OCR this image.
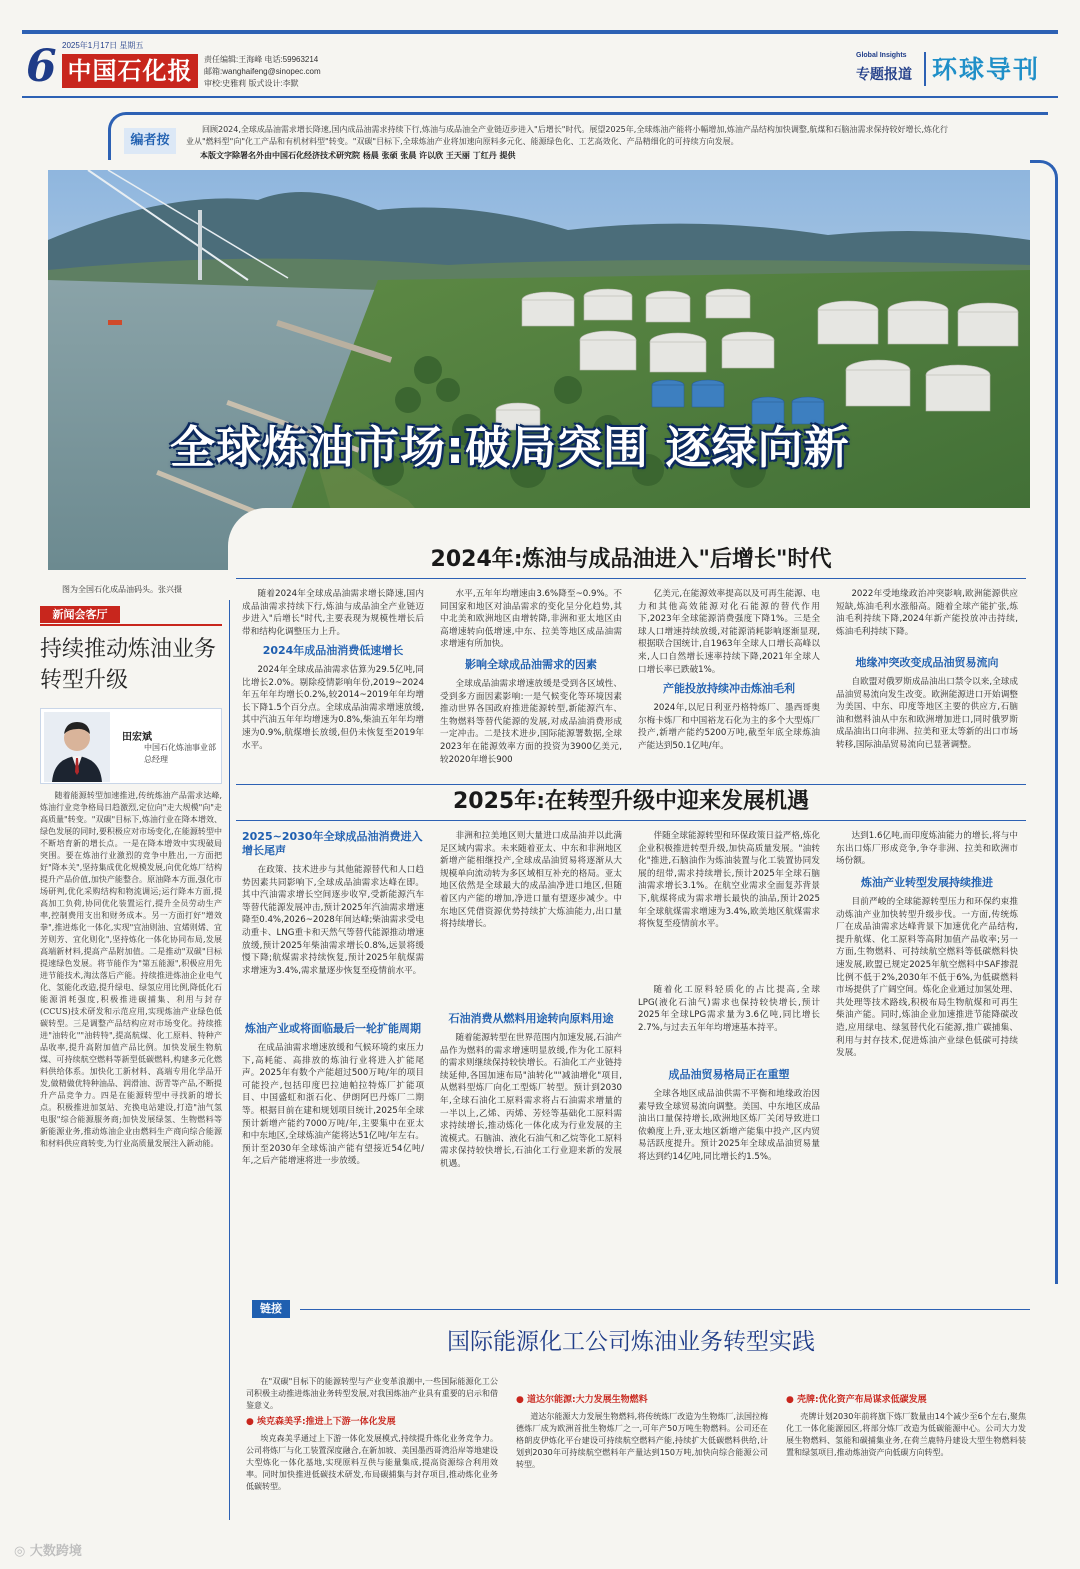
6 2025年1月17日 星期五
中国石化报	责任编辑:王海峰 电话:59963214
邮箱:wanghaifeng@sinopec.com
审校:史雅莉 版式设计:李默
Global Insights
专题报道 环球导刊
编者按
回顾2024,全球成品油需求增长降速,国内成品油需求持续下行,炼油与成品油全产业链迈步进入"后增长"时代。展望2025年,全球炼油产能将小幅增加,炼油产品结构加快调整,航煤和石脑油需求保持较好增长,炼化行业从"燃料型"向"化工产品和有机材料型"转变。"双碳"目标下,全球炼油产业将加速向原料多元化、能源绿色化、工艺高效化、产品精细化的可持续方向发展。
本版文字除署名外由中国石化经济技术研究院 杨晨 张硕 张晨 许以欣 王天丽 丁红丹 提供
全球炼油市场:破局突围 逐绿向新
图为全国石化成品油码头。张兴摄
新闻会客厅
持续推动炼油业务转型升级
田宏斌
中国石化炼油事业部总经理
随着能源转型加速推进,传统炼油产品需求达峰,炼油行业竞争格局日趋激烈,定位向"走大规模"向"走高质量"转变。"双碳"目标下,炼油行业在降本增效、绿色发展的同时,要积极应对市场变化,在能源转型中不断培育新的增长点。一是在降本增效中实现破局突围。要在炼油行业激烈的竞争中胜出,一方面把好"降本关",坚持集成优化规模发展,向优化炼厂结构提升产品价值,加快产能整合。原油降本方面,强化市场研判,优化采购结构和物流调运;运行降本方面,提高加工负荷,协同优化装置运行,提升全员劳动生产率,控制费用支出和财务成本。另一方面打好"增效拳",推进炼化一体化,实现"宜油则油、宜烯则烯、宜芳则芳、宜化则化",坚持炼化一体化协同布局,发展高端新材料,提高产品附加值。二是推动"双碳"目标提速绿色发展。将节能作为"第五能源",积极应用先进节能技术,淘汰落后产能。持续推进炼油企业电气化、氢能化改造,提升绿电、绿氢应用比例,降低化石能源消耗强度,积极推进碳捕集、利用与封存(CCUS)技术研发和示范应用,实现炼油产业绿色低碳转型。三是调整产品结构应对市场变化。持续推进"油转化""油转特",提高航煤、化工原料、特种产品收率,提升高附加值产品比例。加快发展生物航煤、可持续航空燃料等新型低碳燃料,构建多元化燃料供给体系。加快化工新材料、高端专用化学品开发,做精做优特种油品、润滑油、沥青等产品,不断提升产品竞争力。四是在能源转型中寻找新的增长点。积极推进加氢站、充换电站建设,打造"油气氢电服"综合能源服务商;加快发展绿氢、生物燃料等新能源业务,推动炼油企业由燃料生产商向综合能源和材料供应商转变,为行业高质量发展注入新动能。
2024年:炼油与成品油进入"后增长"时代
随着2024年全球成品油需求增长降速,国内成品油需求持续下行,炼油与成品油全产业链迈步进入"后增长"时代,主要表现为规模性增长后带和结构化调整压力上升。
2024年成品油消费低速增长
2024年全球成品油需求估算为29.5亿吨,同比增长2.0%。剔除疫情影响年份,2019~2024年五年年均增长0.2%,较2014~2019年年均增长下降1.5个百分点。全球成品油需求增速放缓,其中汽油五年年均增速为0.8%,柴油五年年均增速为0.9%,航煤增长放缓,但仍未恢复至2019年水平。
水平,五年年均增速由3.6%降至~0.9%。不同国家和地区对油品需求的变化呈分化趋势,其中北美和欧洲地区由增转降,非洲和亚太地区由高增速转向低增速,中东、拉美等地区成品油需求增速有所加快。
影响全球成品油需求的因素
全球成品油需求增速放缓是受到各区域性、受到多方面因素影响:一是气候变化等环境因素推动世界各国政府推进能源转型,新能源汽车、生物燃料等替代能源的发展,对成品油消费形成一定冲击。二是技术进步,国际能源署数据,全球2023年在能源效率方面的投资为3900亿美元,较2020年增长900
亿美元,在能源效率提高以及可再生能源、电力和其他高效能源对化石能源的替代作用下,2023年全球能源消费强度下降1%。三是全球人口增速持续放缓,对能源消耗影响逐渐显现,根据联合国统计,自1963年全球人口增长高峰以来,人口自然增长速率持续下降,2021年全球人口增长率已跌破1%。
产能投放持续冲击炼油毛利
2024年,以尼日利亚丹格特炼厂、墨西哥奥尔梅卡炼厂和中国裕龙石化为主的多个大型炼厂投产,新增产能约5200万吨,截至年底全球炼油产能达到50.1亿吨/年。
2022年受地缘政治冲突影响,欧洲能源供应短缺,炼油毛利水涨船高。随着全球产能扩张,炼油毛利持续下降,2024年新产能投放冲击持续,炼油毛利持续下降。
地缘冲突改变成品油贸易流向
自欧盟对俄罗斯成品油出口禁令以来,全球成品油贸易流向发生改变。欧洲能源进口开始调整为美国、中东、印度等地区主要的供应方,石脑油和燃料油从中东和欧洲增加进口,同时俄罗斯成品油出口向非洲、拉美和亚太等新的出口市场转移,国际油品贸易流向已显著调整。
2025年:在转型升级中迎来发展机遇
2025~2030年全球成品油消费进入增长尾声
在政策、技术进步与其他能源替代和人口趋势因素共同影响下,全球成品油需求达峰在即。其中汽油需求增长空间逐步收窄,受新能源汽车等替代能源发展冲击,预计2025年汽油需求增速降至0.4%,2026~2028年间达峰;柴油需求受电动重卡、LNG重卡和天然气等替代能源推动增速放缓,预计2025年柴油需求增长0.8%,远景将缓慢下降;航煤需求持续恢复,预计2025年航煤需求增速为3.4%,需求量逐步恢复至疫情前水平。
炼油产业或将面临最后一轮扩能周期
在成品油需求增速放缓和气候环境约束压力下,高耗能、高排放的炼油行业将进入扩能尾声。2025年有数个产能超过500万吨/年的项目可能投产,包括印度巴拉迪帕拉特炼厂扩能项目、中国盛虹和浙石化、伊朗阿巴丹炼厂二期等。根据目前在建和规划项目统计,2025年全球预计新增产能约7000万吨/年,主要集中在亚太和中东地区,全球炼油产能将达51亿吨/年左右。预计至2030年全球炼油产能有望接近54亿吨/年,之后产能增速将进一步放缓。
非洲和拉美地区则大量进口成品油并以此满足区域内需求。未来随着亚太、中东和非洲地区新增产能相继投产,全球成品油贸易将逐渐从大规模单向流动转为多区域相互补充的格局。亚太地区依然是全球最大的成品油净进口地区,但随着区内产能的增加,净进口量有望逐步减少。中东地区凭借资源优势持续扩大炼油能力,出口量将持续增长。
石油消费从燃料用途转向原料用途
随着能源转型在世界范围内加速发展,石油产品作为燃料的需求增速明显放缓,作为化工原料的需求则继续保持较快增长。石油化工产业链持续延伸,各国加速布局"油转化""减油增化"项目,从燃料型炼厂向化工型炼厂转型。预计到2030年,全球石油化工原料需求将占石油需求增量的一半以上,乙烯、丙烯、芳烃等基础化工原料需求持续增长,推动炼化一体化成为行业发展的主流模式。石脑油、液化石油气和乙烷等化工原料需求保持较快增长,石油化工行业迎来新的发展机遇。
伴随全球能源转型和环保政策日益严格,炼化企业积极推进转型升级,加快高质量发展。"油转化"推进,石脑油作为炼油装置与化工装置协同发展的纽带,需求持续增长,预计2025年全球石脑油需求增长3.1%。在航空业需求全面复苏背景下,航煤将成为需求增长最快的油品,预计2025年全球航煤需求增速为3.4%,欧美地区航煤需求将恢复至疫情前水平。
随着化工原料轻质化的占比提高,全球LPG(液化石油气)需求也保持较快增长,预计2025年全球LPG需求量为3.6亿吨,同比增长2.7%,与过去五年年均增速基本持平。
成品油贸易格局正在重塑
全球各地区成品油供需不平衡和地缘政治因素导致全球贸易流向调整。美国、中东地区成品油出口量保持增长,欧洲地区炼厂关闭导致进口依赖度上升,亚太地区新增产能集中投产,区内贸易活跃度提升。预计2025年全球成品油贸易量将达到约14亿吨,同比增长约1.5%。
达到1.6亿吨,而印度炼油能力的增长,将与中东出口炼厂形成竞争,争夺非洲、拉美和欧洲市场份额。
炼油产业转型发展持续推进
目前严峻的全球能源转型压力和环保约束推动炼油产业加快转型升级步伐。一方面,传统炼厂在成品油需求达峰背景下加速优化产品结构,提升航煤、化工原料等高附加值产品收率;另一方面,生物燃料、可持续航空燃料等低碳燃料快速发展,欧盟已规定2025年航空燃料中SAF掺混比例不低于2%,2030年不低于6%,为低碳燃料市场提供了广阔空间。炼化企业通过加氢处理、共处理等技术路线,积极布局生物航煤和可再生柴油产能。同时,炼油企业加速推进节能降碳改造,应用绿电、绿氢替代化石能源,推广碳捕集、利用与封存技术,促进炼油产业绿色低碳可持续发展。
链接
国际能源化工公司炼油业务转型实践
在"双碳"目标下的能源转型与产业变革浪潮中,一些国际能源化工公司积极主动推进炼油业务转型发展,对我国炼油产业具有重要的启示和借鉴意义。
● 埃克森美孚:推进上下游一体化发展
埃克森美孚通过上下游一体化发展模式,持续提升炼化业务竞争力。公司将炼厂与化工装置深度融合,在新加坡、美国墨西哥湾沿岸等地建设大型炼化一体化基地,实现原料互供与能量集成,提高资源综合利用效率。同时加快推进低碳技术研发,布局碳捕集与封存项目,推动炼化业务低碳转型。
● 道达尔能源:大力发展生物燃料
道达尔能源大力发展生物燃料,将传统炼厂改造为生物炼厂,法国拉梅德炼厂成为欧洲首批生物炼厂之一,可年产50万吨生物燃料。公司还在格朗皮伊炼化平台建设可持续航空燃料产能,持续扩大低碳燃料供给,计划到2030年可持续航空燃料年产量达到150万吨,加快向综合能源公司转型。
● 壳牌:优化资产布局谋求低碳发展
壳牌计划2030年前将旗下炼厂数量由14个减少至6个左右,聚焦化工一体化能源园区,将部分炼厂改造为低碳能源中心。公司大力发展生物燃料、氢能和碳捕集业务,在荷兰鹿特丹建设大型生物燃料装置和绿氢项目,推动炼油资产向低碳方向转型。
◎ 大数跨境
